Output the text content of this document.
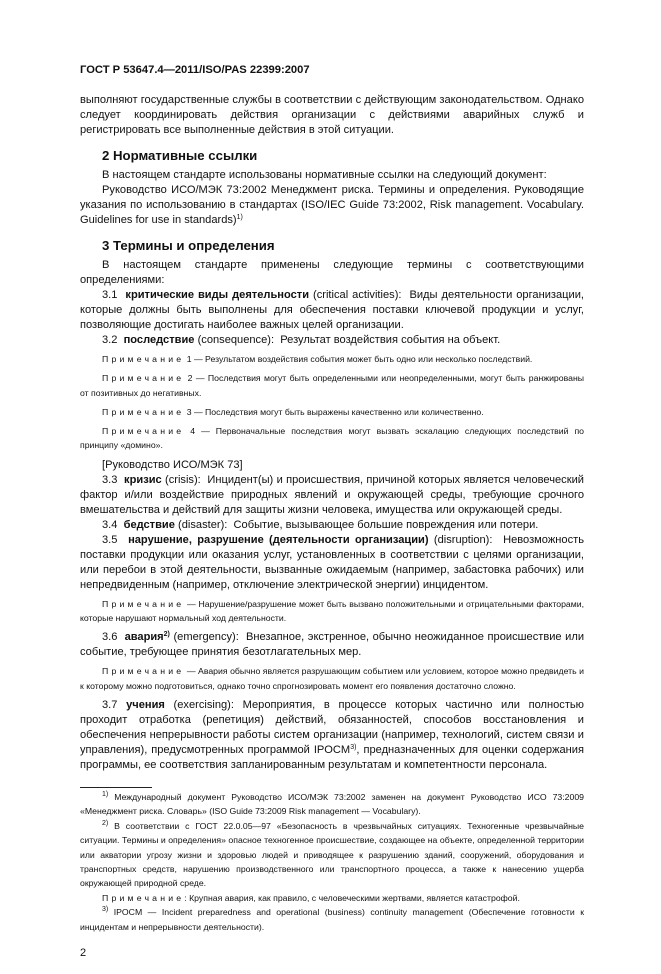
ГОСТ Р 53647.4—2011/ISO/PAS 22399:2007

выполняют государственные службы в соответствии с действующим законодательством. Однако следует координировать действия организации с действиями аварийных служб и регистрировать все выполненные действия в этой ситуации.

2 Нормативные ссылки

В настоящем стандарте использованы нормативные ссылки на следующий документ:

Руководство ИСО/МЭК 73:2002 Менеджмент риска. Термины и определения. Руководящие указания по использованию в стандартах (ISO/IEC Guide 73:2002, Risk management. Vocabulary. Guidelines for use in standards)$^{1)}$

3 Термины и определения

В настоящем стандарте применены следующие термины с соответствующими определениями:

3.1 критические виды деятельности (critical activities): Виды деятельности организации, которые должны быть выполнены для обеспечения поставки ключевой продукции и услуг, позволяющие достигать наиболее важных целей организации.

3.2 последствие (consequence): Результат воздействия события на объект.

Примечание 1 — Результатом воздействия события может быть одно или несколько последствий.

Примечание 2 — Последствия могут быть определенными или неопределенными, могут быть ранжированы от позитивных до негативных.

Примечание 3 — Последствия могут быть выражены качественно или количественно.

Примечание 4 — Первоначальные последствия могут вызвать эскалацию следующих последствий по принципу «домино».

[Руководство ИСО/МЭК 73]

3.3 кризис (crisis): Инцидент(ы) и происшествия, причиной которых является человеческий фактор и/или воздействие природных явлений и окружающей среды, требующие срочного вмешательства и действий для защиты жизни человека, имущества или окружающей среды.

3.4 бедствие (disaster): Событие, вызывающее большие повреждения или потери.

3.5 нарушение, разрушение (деятельности организации) (disruption): Невозможность поставки продукции или оказания услуг, установленных в соответствии с целями организации, или перебои в этой деятельности, вызванные ожидаемым (например, забастовка рабочих) или непредвиденным (например, отключение электрической энергии) инцидентом.

Примечание — Нарушение/разрушение может быть вызвано положительными и отрицательными факторами, которые нарушают нормальный ход деятельности.

3.6 авария$^{2)}$ (emergency): Внезапное, экстренное, обычно неожиданное происшествие или событие, требующее принятия безотлагательных мер.

Примечание — Авария обычно является разрушающим событием или условием, которое можно предвидеть и к которому можно подготовиться, однако точно спрогнозировать момент его появления достаточно сложно.

3.7 учения (exercising): Мероприятия, в процессе которых частично или полностью проходит отработка (репетиция) действий, обязанностей, способов восстановления и обеспечения непрерывности работы систем организации (например, технологий, систем связи и управления), предусмотренных программой IPOCM$^{3)}$, предназначенных для оценки содержания программы, ее соответствия запланированным результатам и компетентности персонала.

$^{1)}$ Международный документ Руководство ИСО/МЭК 73:2002 заменен на документ Руководство ИСО 73:2009 «Менеджмент риска. Словарь» (ISO Guide 73:2009 Risk management — Vocabulary).

$^{2)}$ В соответствии с ГОСТ 22.0.05—97 «Безопасность в чрезвычайных ситуациях. Техногенные чрезвычайные ситуации. Термины и определения» опасное техногенное происшествие, создающее на объекте, определенной территории или акватории угрозу жизни и здоровью людей и приводящее к разрушению зданий, сооружений, оборудования и транспортных средств, нарушению производственного или транспортного процесса, а также к нанесению ущерба окружающей природной среде.

Примечание: Крупная авария, как правило, с человеческими жертвами, является катастрофой.

$^{3)}$ IPOCM — Incident preparedness and operational (business) continuity management (Обеспечение готовности к инцидентам и непрерывности деятельности).

2
